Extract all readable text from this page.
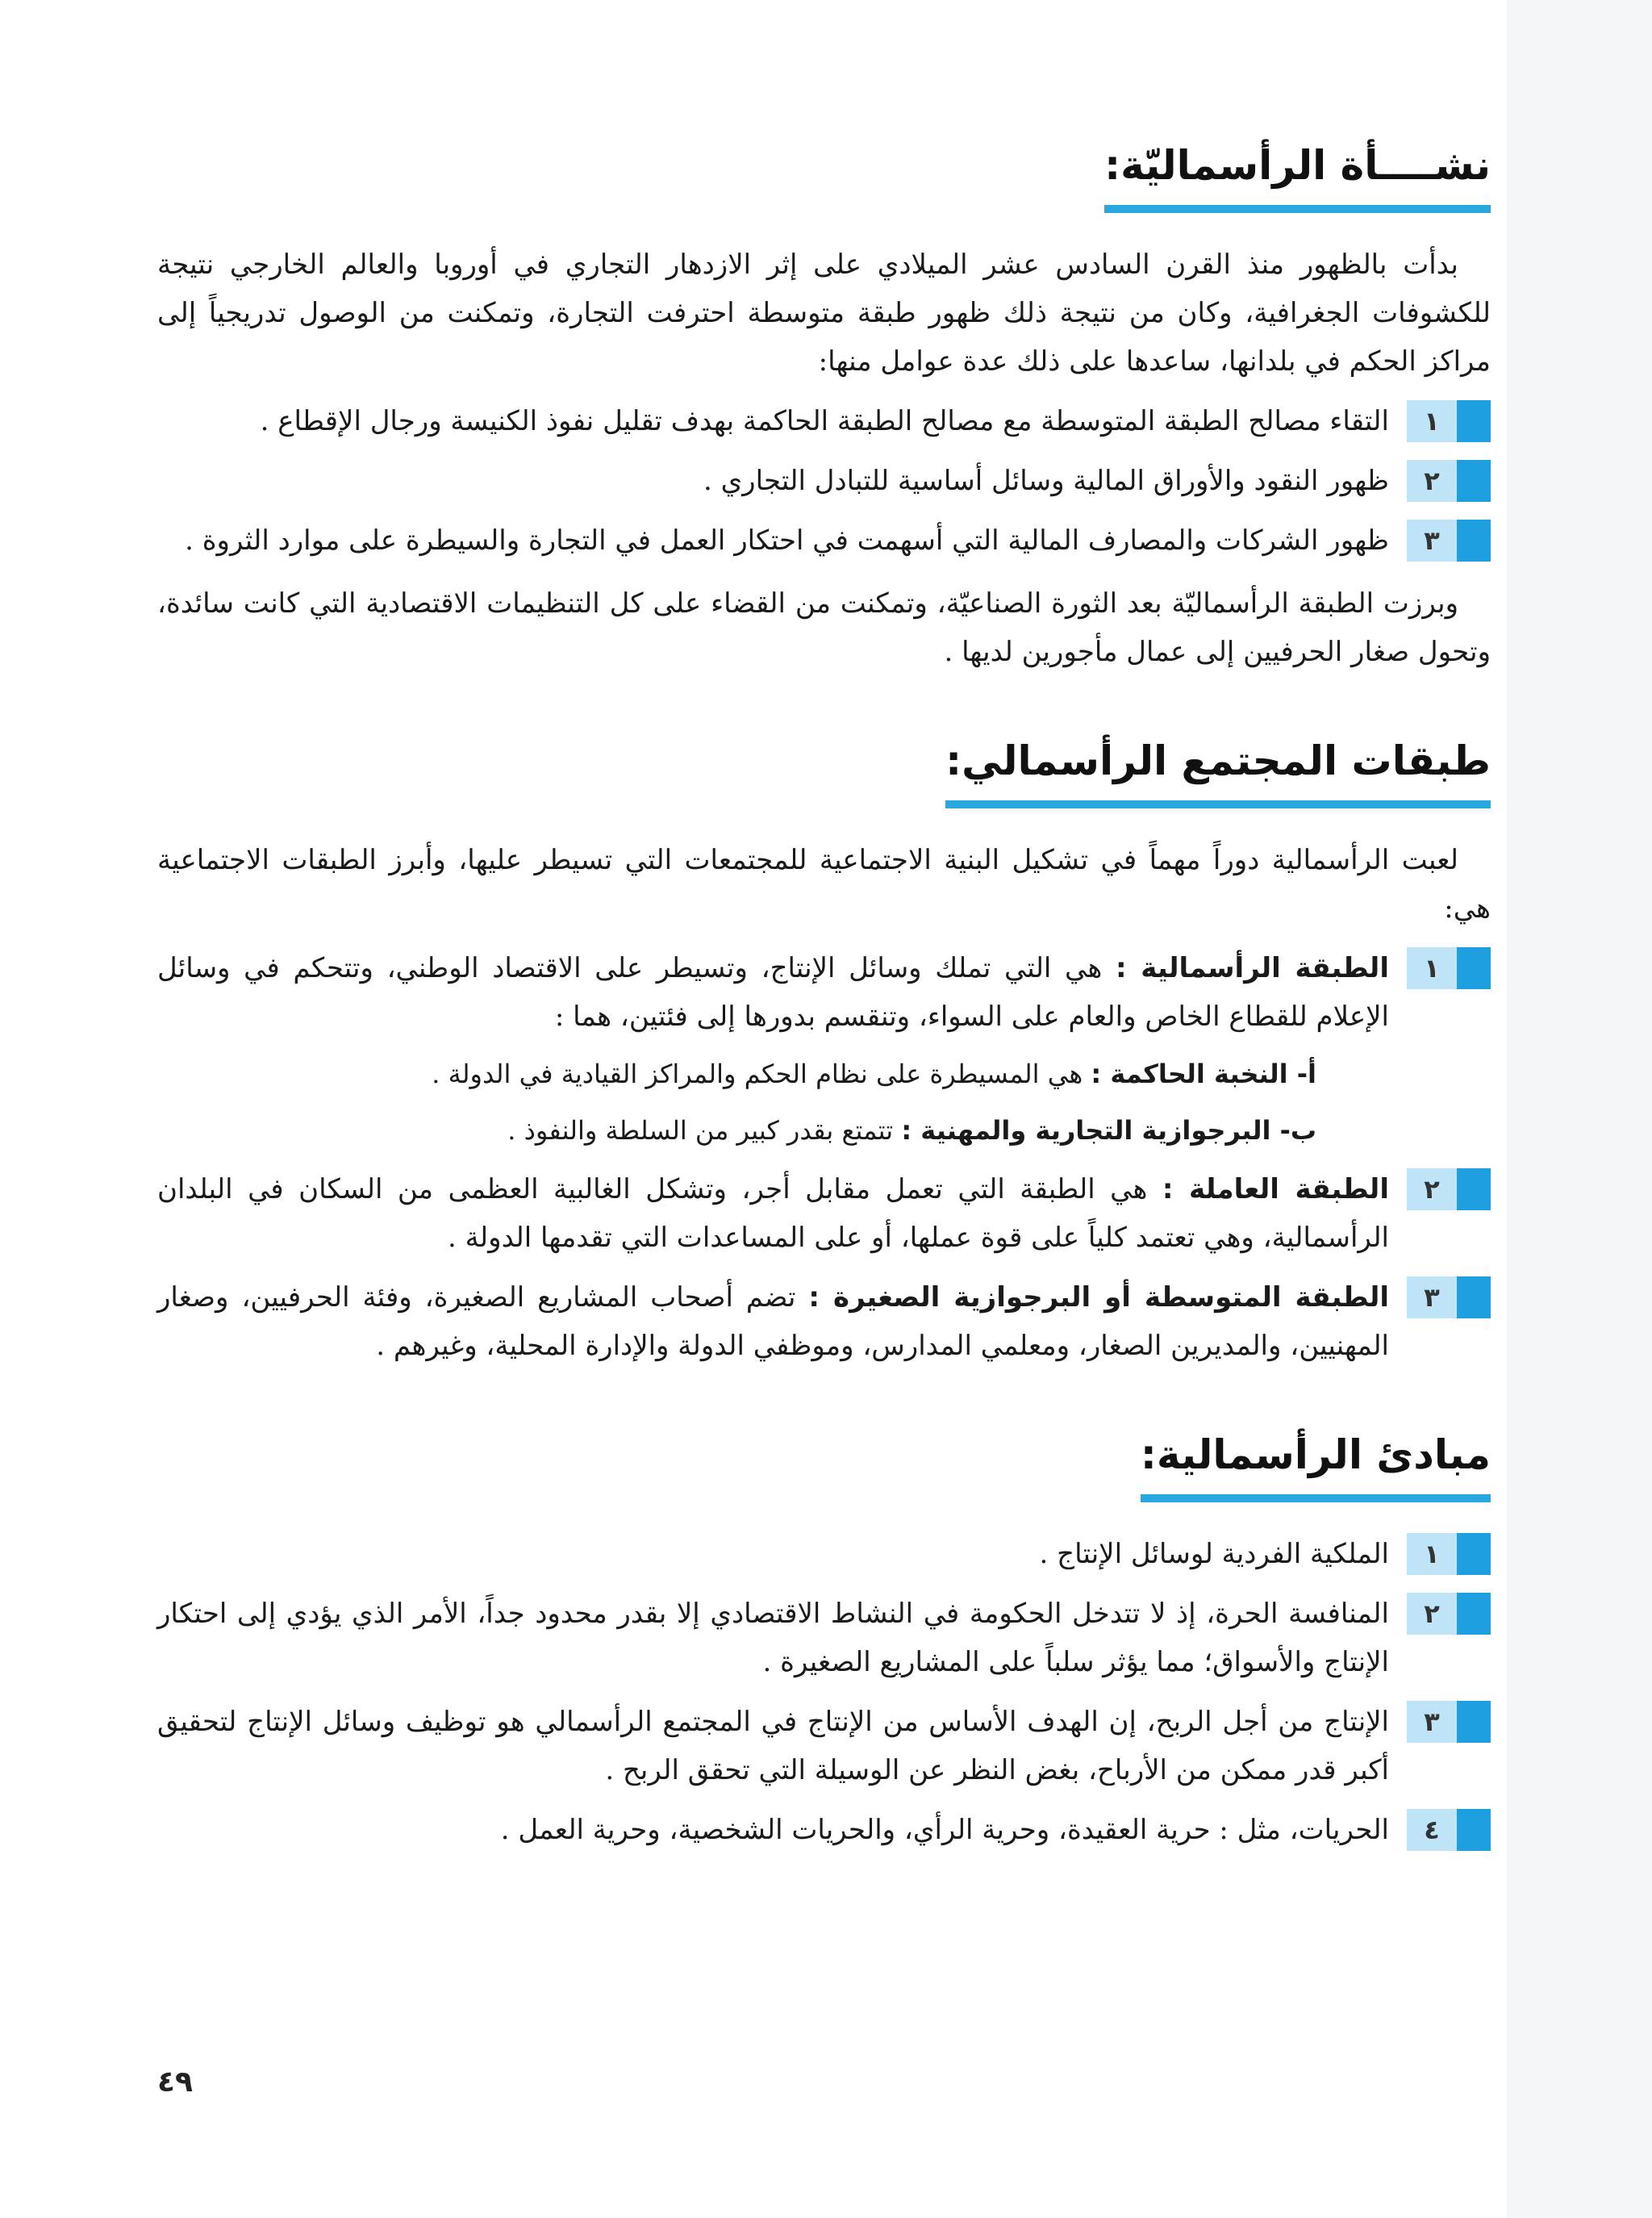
نشــــأة الرأسماليّة:

بدأت بالظهور منذ القرن السادس عشر الميلادي على إثر الازدهار التجاري في أوروبا والعالم الخارجي نتيجة للكشوفات الجغرافية، وكان من نتيجة ذلك ظهور طبقة متوسطة احترفت التجارة، وتمكنت من الوصول تدريجياً إلى مراكز الحكم في بلدانها، ساعدها على ذلك عدة عوامل منها:

١
التقاء مصالح الطبقة المتوسطة مع مصالح الطبقة الحاكمة بهدف تقليل نفوذ الكنيسة ورجال الإقطاع .
٢
ظهور النقود والأوراق المالية وسائل أساسية للتبادل التجاري .
٣
ظهور الشركات والمصارف المالية التي أسهمت في احتكار العمل في التجارة والسيطرة على موارد الثروة .

وبرزت الطبقة الرأسماليّة بعد الثورة الصناعيّة، وتمكنت من القضاء على كل التنظيمات الاقتصادية التي كانت سائدة، وتحول صغار الحرفيين إلى عمال مأجورين لديها .

طبقات المجتمع الرأسمالي:

لعبت الرأسمالية دوراً مهماً في تشكيل البنية الاجتماعية للمجتمعات التي تسيطر عليها، وأبرز الطبقات الاجتماعية هي:

١
الطبقة الرأسمالية : هي التي تملك وسائل الإنتاج، وتسيطر على الاقتصاد الوطني، وتتحكم في وسائل الإعلام للقطاع الخاص والعام على السواء، وتنقسم بدورها إلى فئتين، هما :
أ- النخبة الحاكمة : هي المسيطرة على نظام الحكم والمراكز القيادية في الدولة .
ب- البرجوازية التجارية والمهنية : تتمتع بقدر كبير من السلطة والنفوذ .
٢
الطبقة العاملة : هي الطبقة التي تعمل مقابل أجر، وتشكل الغالبية العظمى من السكان في البلدان الرأسمالية، وهي تعتمد كلياً على قوة عملها، أو على المساعدات التي تقدمها الدولة .
٣
الطبقة المتوسطة أو البرجوازية الصغيرة : تضم أصحاب المشاريع الصغيرة، وفئة الحرفيين، وصغار المهنيين، والمديرين الصغار، ومعلمي المدارس، وموظفي الدولة والإدارة المحلية، وغيرهم .
مبادئ الرأسمالية:
١
الملكية الفردية لوسائل الإنتاج .
٢
المنافسة الحرة، إذ لا تتدخل الحكومة في النشاط الاقتصادي إلا بقدر محدود جداً، الأمر الذي يؤدي إلى احتكار الإنتاج والأسواق؛ مما يؤثر سلباً على المشاريع الصغيرة .
٣
الإنتاج من أجل الربح، إن الهدف الأساس من الإنتاج في المجتمع الرأسمالي هو توظيف وسائل الإنتاج لتحقيق أكبر قدر ممكن من الأرباح، بغض النظر عن الوسيلة التي تحقق الربح .
٤
الحريات، مثل : حرية العقيدة، وحرية الرأي، والحريات الشخصية، وحرية العمل .
٤٩
